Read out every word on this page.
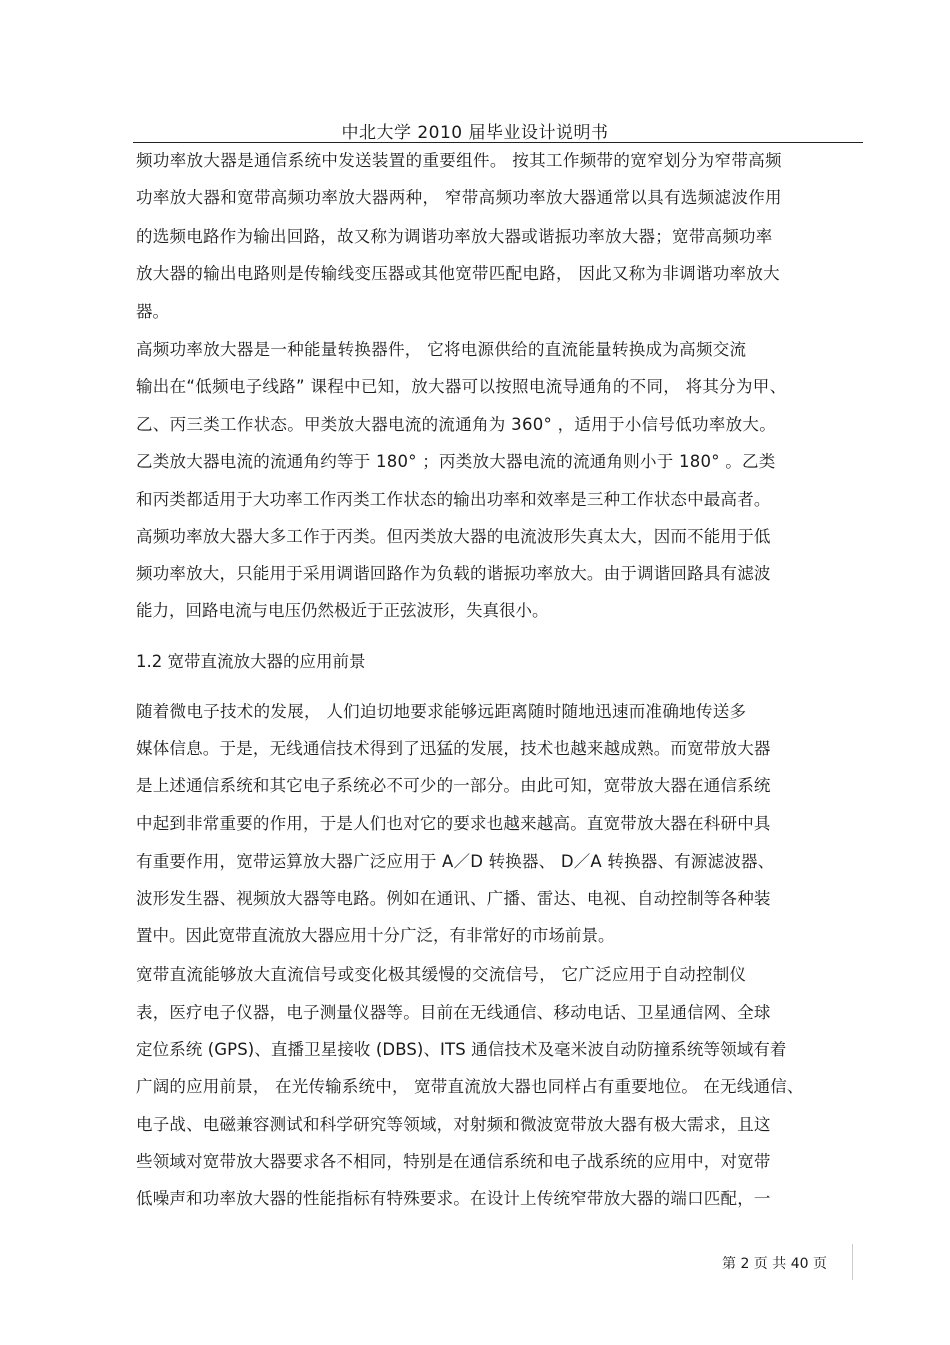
中北大学 2010 届毕业设计说明书
频功率放大器是通信系统中发送装置的重要组件。 按其工作频带的宽窄划分为窄带高频
功率放大器和宽带高频功率放大器两种， 窄带高频功率放大器通常以具有选频滤波作用
的选频电路作为输出回路，故又称为调谐功率放大器或谐振功率放大器；宽带高频功率
放大器的输出电路则是传输线变压器或其他宽带匹配电路， 因此又称为非调谐功率放大
器。
高频功率放大器是一种能量转换器件， 它将电源供给的直流能量转换成为高频交流
输出在“低频电子线路” 课程中已知，放大器可以按照电流导通角的不同， 将其分为甲、
乙、丙三类工作状态。甲类放大器电流的流通角为 360° ，适用于小信号低功率放大。
乙类放大器电流的流通角约等于 180° ；丙类放大器电流的流通角则小于 180° 。乙类
和丙类都适用于大功率工作丙类工作状态的输出功率和效率是三种工作状态中最高者。
高频功率放大器大多工作于丙类。但丙类放大器的电流波形失真太大，因而不能用于低
频功率放大，只能用于采用调谐回路作为负载的谐振功率放大。由于调谐回路具有滤波
能力，回路电流与电压仍然极近于正弦波形，失真很小。
1.2 宽带直流放大器的应用前景
随着微电子技术的发展， 人们迫切地要求能够远距离随时随地迅速而准确地传送多
媒体信息。于是，无线通信技术得到了迅猛的发展，技术也越来越成熟。而宽带放大器
是上述通信系统和其它电子系统必不可少的一部分。由此可知，宽带放大器在通信系统
中起到非常重要的作用，于是人们也对它的要求也越来越高。直宽带放大器在科研中具
有重要作用，宽带运算放大器广泛应用于 A／D 转换器、 D／A 转换器、有源滤波器、
波形发生器、视频放大器等电路。例如在通讯、广播、雷达、电视、自动控制等各种装
置中。因此宽带直流放大器应用十分广泛，有非常好的市场前景。
宽带直流能够放大直流信号或变化极其缓慢的交流信号， 它广泛应用于自动控制仪
表，医疗电子仪器，电子测量仪器等。目前在无线通信、移动电话、卫星通信网、全球
定位系统 (GPS)、直播卫星接收 (DBS)、ITS 通信技术及毫米波自动防撞系统等领域有着
广阔的应用前景， 在光传输系统中， 宽带直流放大器也同样占有重要地位。 在无线通信、
电子战、电磁兼容测试和科学研究等领域，对射频和微波宽带放大器有极大需求，且这
些领域对宽带放大器要求各不相同，特别是在通信系统和电子战系统的应用中，对宽带
低噪声和功率放大器的性能指标有特殊要求。在设计上传统窄带放大器的端口匹配，一
第 2 页 共 40 页
